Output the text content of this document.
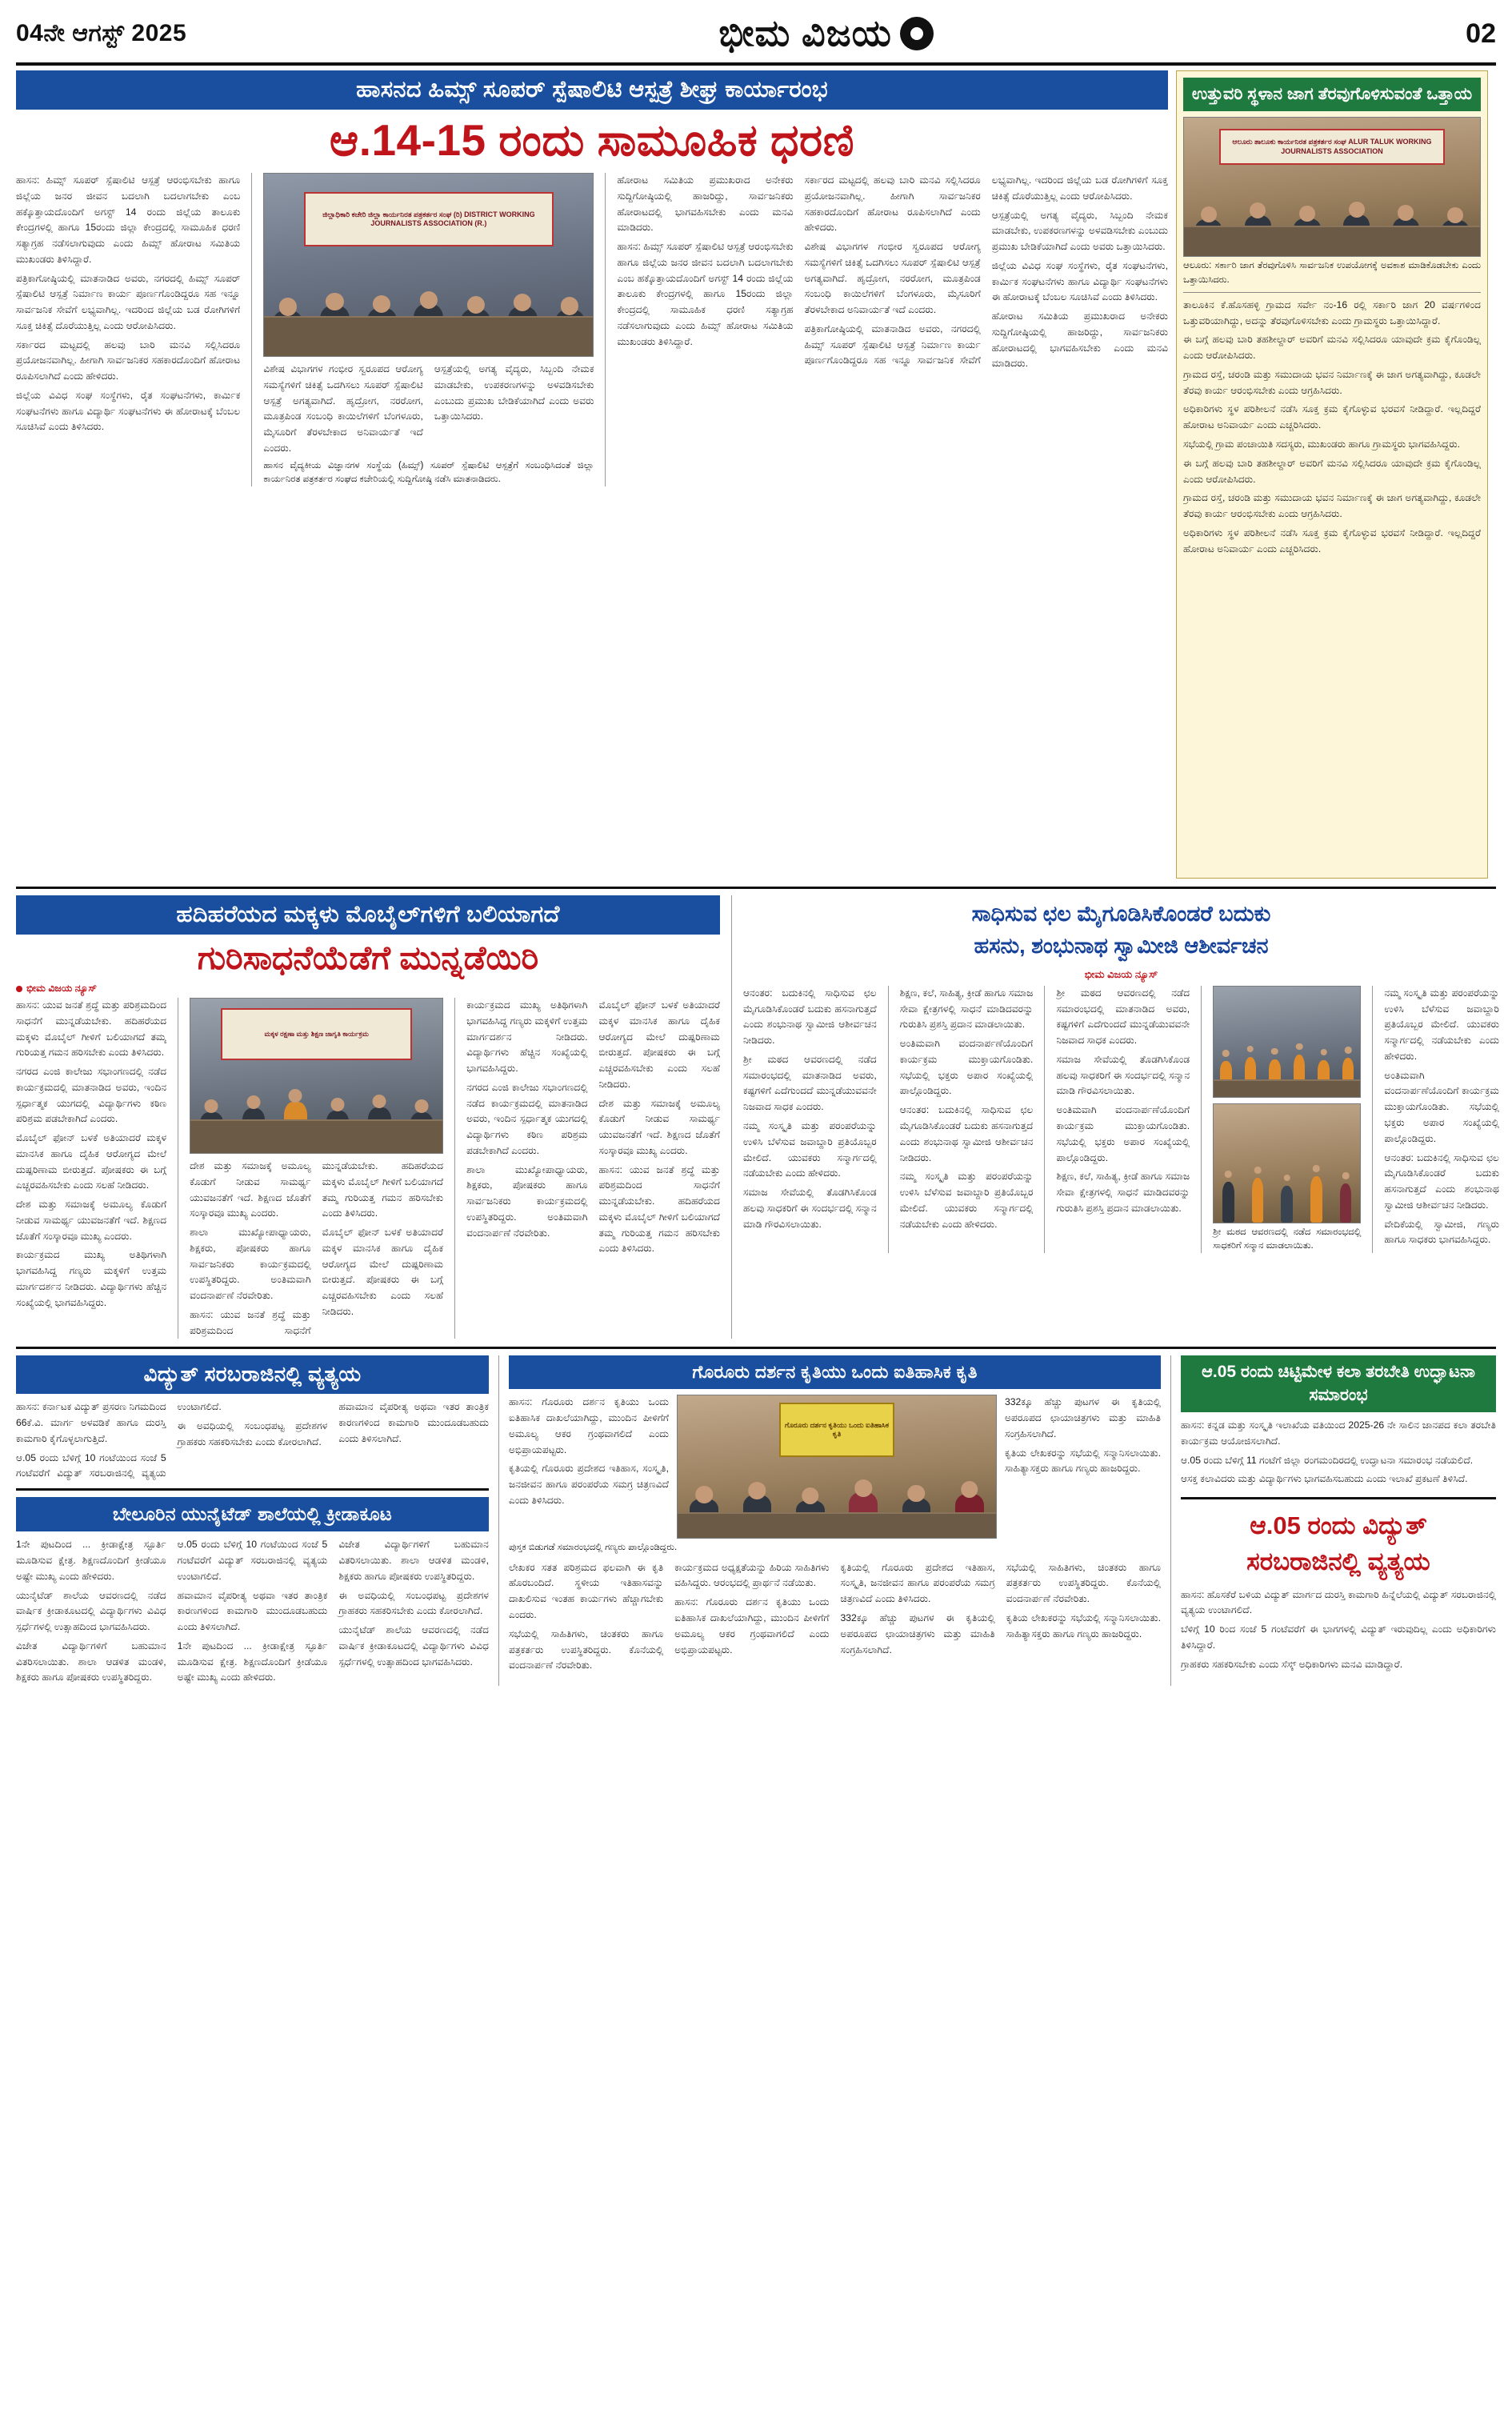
04ನೇ ಆಗಸ್ಟ್ 2025	ಭೀಮ ವಿಜಯ	02
ಹಾಸನದ ಹಿಮ್ಸ್ ಸೂಪರ್ ಸ್ಪೆಷಾಲಿಟಿ ಆಸ್ಪತ್ರೆ ಶೀಘ್ರ ಕಾರ್ಯಾರಂಭ
ಆ.14-15 ರಂದು ಸಾಮೂಹಿಕ ಧರಣಿ

ಹಾಸನ: ಹಿಮ್ಸ್ ಸೂಪರ್ ಸ್ಪೆಷಾಲಿಟಿ ಆಸ್ಪತ್ರೆ ಆರಂಭಿಸಬೇಕು ಹಾಗೂ ಜಿಲ್ಲೆಯ ಜನರ ಜೀವನ ಬದಲಾಗಿ ಬದಲಾಗಬೇಕು ಎಂಬ ಹಕ್ಕೊತ್ತಾಯದೊಂದಿಗೆ ಅಗಸ್ಟ್ 14 ರಂದು ಜಿಲ್ಲೆಯ ತಾಲೂಕು ಕೇಂದ್ರಗಳಲ್ಲಿ ಹಾಗೂ 15ರಂದು ಜಿಲ್ಲಾ ಕೇಂದ್ರದಲ್ಲಿ ಸಾಮೂಹಿಕ ಧರಣಿ ಸತ್ಯಾಗ್ರಹ ನಡೆಸಲಾಗುವುದು ಎಂದು ಹಿಮ್ಸ್ ಹೋರಾಟ ಸಮಿತಿಯ ಮುಖಂಡರು ತಿಳಿಸಿದ್ದಾರೆ.

ಪತ್ರಿಕಾಗೋಷ್ಠಿಯಲ್ಲಿ ಮಾತನಾಡಿದ ಅವರು, ನಗರದಲ್ಲಿ ಹಿಮ್ಸ್ ಸೂಪರ್ ಸ್ಪೆಷಾಲಿಟಿ ಆಸ್ಪತ್ರೆ ನಿರ್ಮಾಣ ಕಾರ್ಯ ಪೂರ್ಣಗೊಂಡಿದ್ದರೂ ಸಹ ಇನ್ನೂ ಸಾರ್ವಜನಿಕ ಸೇವೆಗೆ ಲಭ್ಯವಾಗಿಲ್ಲ. ಇದರಿಂದ ಜಿಲ್ಲೆಯ ಬಡ ರೋಗಿಗಳಿಗೆ ಸೂಕ್ತ ಚಿಕಿತ್ಸೆ ದೊರೆಯುತ್ತಿಲ್ಲ ಎಂದು ಆರೋಪಿಸಿದರು.

ಸರ್ಕಾರದ ಮಟ್ಟದಲ್ಲಿ ಹಲವು ಬಾರಿ ಮನವಿ ಸಲ್ಲಿಸಿದರೂ ಪ್ರಯೋಜನವಾಗಿಲ್ಲ. ಹೀಗಾಗಿ ಸಾರ್ವಜನಿಕರ ಸಹಕಾರದೊಂದಿಗೆ ಹೋರಾಟ ರೂಪಿಸಲಾಗಿದೆ ಎಂದು ಹೇಳಿದರು.

ಜಿಲ್ಲೆಯ ವಿವಿಧ ಸಂಘ ಸಂಸ್ಥೆಗಳು, ರೈತ ಸಂಘಟನೆಗಳು, ಕಾರ್ಮಿಕ ಸಂಘಟನೆಗಳು ಹಾಗೂ ವಿದ್ಯಾರ್ಥಿ ಸಂಘಟನೆಗಳು ಈ ಹೋರಾಟಕ್ಕೆ ಬೆಂಬಲ ಸೂಚಿಸಿವೆ ಎಂದು ತಿಳಿಸಿದರು.

ಜಿಲ್ಲಾಧಿಕಾರಿ ಕಚೇರಿ ಜಿಲ್ಲಾ ಕಾರ್ಯನಿರತ ಪತ್ರಕರ್ತರ ಸಂಘ (ರಿ) DISTRICT WORKING JOURNALISTS ASSOCIATION (R.)

ವಿಶೇಷ ವಿಭಾಗಗಳ ಗಂಭೀರ ಸ್ವರೂಪದ ಆರೋಗ್ಯ ಸಮಸ್ಯೆಗಳಿಗೆ ಚಿಕಿತ್ಸೆ ಒದಗಿಸಲು ಸೂಪರ್ ಸ್ಪೆಷಾಲಿಟಿ ಆಸ್ಪತ್ರೆ ಅಗತ್ಯವಾಗಿದೆ. ಹೃದ್ರೋಗ, ನರರೋಗ, ಮೂತ್ರಪಿಂಡ ಸಂಬಂಧಿ ಕಾಯಿಲೆಗಳಿಗೆ ಬೆಂಗಳೂರು, ಮೈಸೂರಿಗೆ ತೆರಳಬೇಕಾದ ಅನಿವಾರ್ಯತೆ ಇದೆ ಎಂದರು.

ಆಸ್ಪತ್ರೆಯಲ್ಲಿ ಅಗತ್ಯ ವೈದ್ಯರು, ಸಿಬ್ಬಂದಿ ನೇಮಕ ಮಾಡಬೇಕು, ಉಪಕರಣಗಳನ್ನು ಅಳವಡಿಸಬೇಕು ಎಂಬುದು ಪ್ರಮುಖ ಬೇಡಿಕೆಯಾಗಿದೆ ಎಂದು ಅವರು ಒತ್ತಾಯಿಸಿದರು.

ಹಾಸನ ವೈದ್ಯಕೀಯ ವಿಜ್ಞಾನಗಳ ಸಂಸ್ಥೆಯ (ಹಿಮ್ಸ್) ಸೂಪರ್ ಸ್ಪೆಷಾಲಿಟಿ ಆಸ್ಪತ್ರೆಗೆ ಸಂಬಂಧಿಸಿದಂತೆ ಜಿಲ್ಲಾ ಕಾರ್ಯನಿರತ ಪತ್ರಕರ್ತರ ಸಂಘದ ಕಚೇರಿಯಲ್ಲಿ ಸುದ್ದಿಗೋಷ್ಠಿ ನಡೆಸಿ ಮಾತನಾಡಿದರು.

ಹೋರಾಟ ಸಮಿತಿಯ ಪ್ರಮುಖರಾದ ಅನೇಕರು ಸುದ್ದಿಗೋಷ್ಠಿಯಲ್ಲಿ ಹಾಜರಿದ್ದು, ಸಾರ್ವಜನಿಕರು ಹೋರಾಟದಲ್ಲಿ ಭಾಗವಹಿಸಬೇಕು ಎಂದು ಮನವಿ ಮಾಡಿದರು.

ಹಾಸನ: ಹಿಮ್ಸ್ ಸೂಪರ್ ಸ್ಪೆಷಾಲಿಟಿ ಆಸ್ಪತ್ರೆ ಆರಂಭಿಸಬೇಕು ಹಾಗೂ ಜಿಲ್ಲೆಯ ಜನರ ಜೀವನ ಬದಲಾಗಿ ಬದಲಾಗಬೇಕು ಎಂಬ ಹಕ್ಕೊತ್ತಾಯದೊಂದಿಗೆ ಅಗಸ್ಟ್ 14 ರಂದು ಜಿಲ್ಲೆಯ ತಾಲೂಕು ಕೇಂದ್ರಗಳಲ್ಲಿ ಹಾಗೂ 15ರಂದು ಜಿಲ್ಲಾ ಕೇಂದ್ರದಲ್ಲಿ ಸಾಮೂಹಿಕ ಧರಣಿ ಸತ್ಯಾಗ್ರಹ ನಡೆಸಲಾಗುವುದು ಎಂದು ಹಿಮ್ಸ್ ಹೋರಾಟ ಸಮಿತಿಯ ಮುಖಂಡರು ತಿಳಿಸಿದ್ದಾರೆ.

ಸರ್ಕಾರದ ಮಟ್ಟದಲ್ಲಿ ಹಲವು ಬಾರಿ ಮನವಿ ಸಲ್ಲಿಸಿದರೂ ಪ್ರಯೋಜನವಾಗಿಲ್ಲ. ಹೀಗಾಗಿ ಸಾರ್ವಜನಿಕರ ಸಹಕಾರದೊಂದಿಗೆ ಹೋರಾಟ ರೂಪಿಸಲಾಗಿದೆ ಎಂದು ಹೇಳಿದರು.

ವಿಶೇಷ ವಿಭಾಗಗಳ ಗಂಭೀರ ಸ್ವರೂಪದ ಆರೋಗ್ಯ ಸಮಸ್ಯೆಗಳಿಗೆ ಚಿಕಿತ್ಸೆ ಒದಗಿಸಲು ಸೂಪರ್ ಸ್ಪೆಷಾಲಿಟಿ ಆಸ್ಪತ್ರೆ ಅಗತ್ಯವಾಗಿದೆ. ಹೃದ್ರೋಗ, ನರರೋಗ, ಮೂತ್ರಪಿಂಡ ಸಂಬಂಧಿ ಕಾಯಿಲೆಗಳಿಗೆ ಬೆಂಗಳೂರು, ಮೈಸೂರಿಗೆ ತೆರಳಬೇಕಾದ ಅನಿವಾರ್ಯತೆ ಇದೆ ಎಂದರು.

ಪತ್ರಿಕಾಗೋಷ್ಠಿಯಲ್ಲಿ ಮಾತನಾಡಿದ ಅವರು, ನಗರದಲ್ಲಿ ಹಿಮ್ಸ್ ಸೂಪರ್ ಸ್ಪೆಷಾಲಿಟಿ ಆಸ್ಪತ್ರೆ ನಿರ್ಮಾಣ ಕಾರ್ಯ ಪೂರ್ಣಗೊಂಡಿದ್ದರೂ ಸಹ ಇನ್ನೂ ಸಾರ್ವಜನಿಕ ಸೇವೆಗೆ ಲಭ್ಯವಾಗಿಲ್ಲ. ಇದರಿಂದ ಜಿಲ್ಲೆಯ ಬಡ ರೋಗಿಗಳಿಗೆ ಸೂಕ್ತ ಚಿಕಿತ್ಸೆ ದೊರೆಯುತ್ತಿಲ್ಲ ಎಂದು ಆರೋಪಿಸಿದರು.

ಆಸ್ಪತ್ರೆಯಲ್ಲಿ ಅಗತ್ಯ ವೈದ್ಯರು, ಸಿಬ್ಬಂದಿ ನೇಮಕ ಮಾಡಬೇಕು, ಉಪಕರಣಗಳನ್ನು ಅಳವಡಿಸಬೇಕು ಎಂಬುದು ಪ್ರಮುಖ ಬೇಡಿಕೆಯಾಗಿದೆ ಎಂದು ಅವರು ಒತ್ತಾಯಿಸಿದರು.

ಜಿಲ್ಲೆಯ ವಿವಿಧ ಸಂಘ ಸಂಸ್ಥೆಗಳು, ರೈತ ಸಂಘಟನೆಗಳು, ಕಾರ್ಮಿಕ ಸಂಘಟನೆಗಳು ಹಾಗೂ ವಿದ್ಯಾರ್ಥಿ ಸಂಘಟನೆಗಳು ಈ ಹೋರಾಟಕ್ಕೆ ಬೆಂಬಲ ಸೂಚಿಸಿವೆ ಎಂದು ತಿಳಿಸಿದರು.

ಹೋರಾಟ ಸಮಿತಿಯ ಪ್ರಮುಖರಾದ ಅನೇಕರು ಸುದ್ದಿಗೋಷ್ಠಿಯಲ್ಲಿ ಹಾಜರಿದ್ದು, ಸಾರ್ವಜನಿಕರು ಹೋರಾಟದಲ್ಲಿ ಭಾಗವಹಿಸಬೇಕು ಎಂದು ಮನವಿ ಮಾಡಿದರು.

ಉತ್ತುವರಿ ಸ್ಥಳಾನ ಜಾಗ ತೆರವುಗೊಳಿಸುವಂತೆ ಒತ್ತಾಯ
ಆಲೂರು ತಾಲೂಕು ಕಾರ್ಯನಿರತ ಪತ್ರಕರ್ತರ ಸಂಘ ALUR TALUK WORKING JOURNALISTS ASSOCIATION
ಆಲೂರು: ಸರ್ಕಾರಿ ಜಾಗ ತೆರವುಗೊಳಿಸಿ ಸಾರ್ವಜನಿಕ ಉಪಯೋಗಕ್ಕೆ ಅವಕಾಶ ಮಾಡಿಕೊಡಬೇಕು ಎಂದು ಒತ್ತಾಯಿಸಿದರು.

ತಾಲೂಕಿನ ಕೆ.ಹೊಸಹಳ್ಳಿ ಗ್ರಾಮದ ಸರ್ವೇ ನಂ-16 ರಲ್ಲಿ ಸರ್ಕಾರಿ ಜಾಗ 20 ವರ್ಷಗಳಿಂದ ಒತ್ತುವರಿಯಾಗಿದ್ದು, ಅದನ್ನು ತೆರವುಗೊಳಿಸಬೇಕು ಎಂದು ಗ್ರಾಮಸ್ಥರು ಒತ್ತಾಯಿಸಿದ್ದಾರೆ.

ಈ ಬಗ್ಗೆ ಹಲವು ಬಾರಿ ತಹಶೀಲ್ದಾರ್ ಅವರಿಗೆ ಮನವಿ ಸಲ್ಲಿಸಿದರೂ ಯಾವುದೇ ಕ್ರಮ ಕೈಗೊಂಡಿಲ್ಲ ಎಂದು ಆರೋಪಿಸಿದರು.

ಗ್ರಾಮದ ರಸ್ತೆ, ಚರಂಡಿ ಮತ್ತು ಸಮುದಾಯ ಭವನ ನಿರ್ಮಾಣಕ್ಕೆ ಈ ಜಾಗ ಅಗತ್ಯವಾಗಿದ್ದು, ಕೂಡಲೇ ತೆರವು ಕಾರ್ಯ ಆರಂಭಿಸಬೇಕು ಎಂದು ಆಗ್ರಹಿಸಿದರು.

ಅಧಿಕಾರಿಗಳು ಸ್ಥಳ ಪರಿಶೀಲನೆ ನಡೆಸಿ ಸೂಕ್ತ ಕ್ರಮ ಕೈಗೊಳ್ಳುವ ಭರವಸೆ ನೀಡಿದ್ದಾರೆ. ಇಲ್ಲದಿದ್ದರೆ ಹೋರಾಟ ಅನಿವಾರ್ಯ ಎಂದು ಎಚ್ಚರಿಸಿದರು.

ಸಭೆಯಲ್ಲಿ ಗ್ರಾಮ ಪಂಚಾಯಿತಿ ಸದಸ್ಯರು, ಮುಖಂಡರು ಹಾಗೂ ಗ್ರಾಮಸ್ಥರು ಭಾಗವಹಿಸಿದ್ದರು.

ಈ ಬಗ್ಗೆ ಹಲವು ಬಾರಿ ತಹಶೀಲ್ದಾರ್ ಅವರಿಗೆ ಮನವಿ ಸಲ್ಲಿಸಿದರೂ ಯಾವುದೇ ಕ್ರಮ ಕೈಗೊಂಡಿಲ್ಲ ಎಂದು ಆರೋಪಿಸಿದರು.

ಗ್ರಾಮದ ರಸ್ತೆ, ಚರಂಡಿ ಮತ್ತು ಸಮುದಾಯ ಭವನ ನಿರ್ಮಾಣಕ್ಕೆ ಈ ಜಾಗ ಅಗತ್ಯವಾಗಿದ್ದು, ಕೂಡಲೇ ತೆರವು ಕಾರ್ಯ ಆರಂಭಿಸಬೇಕು ಎಂದು ಆಗ್ರಹಿಸಿದರು.

ಅಧಿಕಾರಿಗಳು ಸ್ಥಳ ಪರಿಶೀಲನೆ ನಡೆಸಿ ಸೂಕ್ತ ಕ್ರಮ ಕೈಗೊಳ್ಳುವ ಭರವಸೆ ನೀಡಿದ್ದಾರೆ. ಇಲ್ಲದಿದ್ದರೆ ಹೋರಾಟ ಅನಿವಾರ್ಯ ಎಂದು ಎಚ್ಚರಿಸಿದರು.

ಹದಿಹರೆಯದ ಮಕ್ಕಳು ಮೊಬೈಲ್‌ಗಳಿಗೆ ಬಲಿಯಾಗದೆ
ಗುರಿಸಾಧನೆಯೆಡೆಗೆ ಮುನ್ನಡೆಯಿರಿ
ಭೀಮ ವಿಜಯ ನ್ಯೂಸ್

ಹಾಸನ: ಯುವ ಜನತೆ ಶ್ರದ್ಧೆ ಮತ್ತು ಪರಿಶ್ರಮದಿಂದ ಸಾಧನೆಗೆ ಮುನ್ನಡೆಯಬೇಕು. ಹದಿಹರೆಯದ ಮಕ್ಕಳು ಮೊಬೈಲ್ ಗೀಳಿಗೆ ಬಲಿಯಾಗದೆ ತಮ್ಮ ಗುರಿಯತ್ತ ಗಮನ ಹರಿಸಬೇಕು ಎಂದು ತಿಳಿಸಿದರು.

ನಗರದ ಎಂಜಿ ಕಾಲೇಜು ಸಭಾಂಗಣದಲ್ಲಿ ನಡೆದ ಕಾರ್ಯಕ್ರಮದಲ್ಲಿ ಮಾತನಾಡಿದ ಅವರು, ಇಂದಿನ ಸ್ಪರ್ಧಾತ್ಮಕ ಯುಗದಲ್ಲಿ ವಿದ್ಯಾರ್ಥಿಗಳು ಕಠಿಣ ಪರಿಶ್ರಮ ಪಡಬೇಕಾಗಿದೆ ಎಂದರು.

ಮೊಬೈಲ್ ಫೋನ್ ಬಳಕೆ ಅತಿಯಾದರೆ ಮಕ್ಕಳ ಮಾನಸಿಕ ಹಾಗೂ ದೈಹಿಕ ಆರೋಗ್ಯದ ಮೇಲೆ ದುಷ್ಪರಿಣಾಮ ಬೀರುತ್ತದೆ. ಪೋಷಕರು ಈ ಬಗ್ಗೆ ಎಚ್ಚರವಹಿಸಬೇಕು ಎಂದು ಸಲಹೆ ನೀಡಿದರು.

ದೇಶ ಮತ್ತು ಸಮಾಜಕ್ಕೆ ಅಮೂಲ್ಯ ಕೊಡುಗೆ ನೀಡುವ ಸಾಮರ್ಥ್ಯ ಯುವಜನತೆಗೆ ಇದೆ. ಶಿಕ್ಷಣದ ಜೊತೆಗೆ ಸಂಸ್ಕಾರವೂ ಮುಖ್ಯ ಎಂದರು.

ಕಾರ್ಯಕ್ರಮದ ಮುಖ್ಯ ಅತಿಥಿಗಳಾಗಿ ಭಾಗವಹಿಸಿದ್ದ ಗಣ್ಯರು ಮಕ್ಕಳಿಗೆ ಉತ್ತಮ ಮಾರ್ಗದರ್ಶನ ನೀಡಿದರು. ವಿದ್ಯಾರ್ಥಿಗಳು ಹೆಚ್ಚಿನ ಸಂಖ್ಯೆಯಲ್ಲಿ ಭಾಗವಹಿಸಿದ್ದರು.

ಮಕ್ಕಳ ರಕ್ಷಣಾ ಮತ್ತು ಶಿಕ್ಷಣ ಜಾಗೃತಿ ಕಾರ್ಯಕ್ರಮ

ದೇಶ ಮತ್ತು ಸಮಾಜಕ್ಕೆ ಅಮೂಲ್ಯ ಕೊಡುಗೆ ನೀಡುವ ಸಾಮರ್ಥ್ಯ ಯುವಜನತೆಗೆ ಇದೆ. ಶಿಕ್ಷಣದ ಜೊತೆಗೆ ಸಂಸ್ಕಾರವೂ ಮುಖ್ಯ ಎಂದರು.

ಶಾಲಾ ಮುಖ್ಯೋಪಾಧ್ಯಾಯರು, ಶಿಕ್ಷಕರು, ಪೋಷಕರು ಹಾಗೂ ಸಾರ್ವಜನಿಕರು ಕಾರ್ಯಕ್ರಮದಲ್ಲಿ ಉಪಸ್ಥಿತರಿದ್ದರು. ಅಂತಿಮವಾಗಿ ವಂದನಾರ್ಪಣೆ ನೆರವೇರಿತು.

ಹಾಸನ: ಯುವ ಜನತೆ ಶ್ರದ್ಧೆ ಮತ್ತು ಪರಿಶ್ರಮದಿಂದ ಸಾಧನೆಗೆ ಮುನ್ನಡೆಯಬೇಕು. ಹದಿಹರೆಯದ ಮಕ್ಕಳು ಮೊಬೈಲ್ ಗೀಳಿಗೆ ಬಲಿಯಾಗದೆ ತಮ್ಮ ಗುರಿಯತ್ತ ಗಮನ ಹರಿಸಬೇಕು ಎಂದು ತಿಳಿಸಿದರು.

ಮೊಬೈಲ್ ಫೋನ್ ಬಳಕೆ ಅತಿಯಾದರೆ ಮಕ್ಕಳ ಮಾನಸಿಕ ಹಾಗೂ ದೈಹಿಕ ಆರೋಗ್ಯದ ಮೇಲೆ ದುಷ್ಪರಿಣಾಮ ಬೀರುತ್ತದೆ. ಪೋಷಕರು ಈ ಬಗ್ಗೆ ಎಚ್ಚರವಹಿಸಬೇಕು ಎಂದು ಸಲಹೆ ನೀಡಿದರು.

ಕಾರ್ಯಕ್ರಮದ ಮುಖ್ಯ ಅತಿಥಿಗಳಾಗಿ ಭಾಗವಹಿಸಿದ್ದ ಗಣ್ಯರು ಮಕ್ಕಳಿಗೆ ಉತ್ತಮ ಮಾರ್ಗದರ್ಶನ ನೀಡಿದರು. ವಿದ್ಯಾರ್ಥಿಗಳು ಹೆಚ್ಚಿನ ಸಂಖ್ಯೆಯಲ್ಲಿ ಭಾಗವಹಿಸಿದ್ದರು.

ನಗರದ ಎಂಜಿ ಕಾಲೇಜು ಸಭಾಂಗಣದಲ್ಲಿ ನಡೆದ ಕಾರ್ಯಕ್ರಮದಲ್ಲಿ ಮಾತನಾಡಿದ ಅವರು, ಇಂದಿನ ಸ್ಪರ್ಧಾತ್ಮಕ ಯುಗದಲ್ಲಿ ವಿದ್ಯಾರ್ಥಿಗಳು ಕಠಿಣ ಪರಿಶ್ರಮ ಪಡಬೇಕಾಗಿದೆ ಎಂದರು.

ಶಾಲಾ ಮುಖ್ಯೋಪಾಧ್ಯಾಯರು, ಶಿಕ್ಷಕರು, ಪೋಷಕರು ಹಾಗೂ ಸಾರ್ವಜನಿಕರು ಕಾರ್ಯಕ್ರಮದಲ್ಲಿ ಉಪಸ್ಥಿತರಿದ್ದರು. ಅಂತಿಮವಾಗಿ ವಂದನಾರ್ಪಣೆ ನೆರವೇರಿತು.

ಮೊಬೈಲ್ ಫೋನ್ ಬಳಕೆ ಅತಿಯಾದರೆ ಮಕ್ಕಳ ಮಾನಸಿಕ ಹಾಗೂ ದೈಹಿಕ ಆರೋಗ್ಯದ ಮೇಲೆ ದುಷ್ಪರಿಣಾಮ ಬೀರುತ್ತದೆ. ಪೋಷಕರು ಈ ಬಗ್ಗೆ ಎಚ್ಚರವಹಿಸಬೇಕು ಎಂದು ಸಲಹೆ ನೀಡಿದರು.

ದೇಶ ಮತ್ತು ಸಮಾಜಕ್ಕೆ ಅಮೂಲ್ಯ ಕೊಡುಗೆ ನೀಡುವ ಸಾಮರ್ಥ್ಯ ಯುವಜನತೆಗೆ ಇದೆ. ಶಿಕ್ಷಣದ ಜೊತೆಗೆ ಸಂಸ್ಕಾರವೂ ಮುಖ್ಯ ಎಂದರು.

ಹಾಸನ: ಯುವ ಜನತೆ ಶ್ರದ್ಧೆ ಮತ್ತು ಪರಿಶ್ರಮದಿಂದ ಸಾಧನೆಗೆ ಮುನ್ನಡೆಯಬೇಕು. ಹದಿಹರೆಯದ ಮಕ್ಕಳು ಮೊಬೈಲ್ ಗೀಳಿಗೆ ಬಲಿಯಾಗದೆ ತಮ್ಮ ಗುರಿಯತ್ತ ಗಮನ ಹರಿಸಬೇಕು ಎಂದು ತಿಳಿಸಿದರು.

ಸಾಧಿಸುವ ಛಲ ಮೈಗೂಡಿಸಿಕೊಂಡರೆ ಬದುಕು
ಹಸನು, ಶಂಭುನಾಥ ಸ್ವಾಮೀಜಿ ಆಶೀರ್ವಚನ
ಭೀಮ ವಿಜಯ ನ್ಯೂಸ್

ಆನಂತರ: ಬದುಕಿನಲ್ಲಿ ಸಾಧಿಸುವ ಛಲ ಮೈಗೂಡಿಸಿಕೊಂಡರೆ ಬದುಕು ಹಸನಾಗುತ್ತದೆ ಎಂದು ಶಂಭುನಾಥ ಸ್ವಾಮೀಜಿ ಆಶೀರ್ವಚನ ನೀಡಿದರು.

ಶ್ರೀ ಮಠದ ಆವರಣದಲ್ಲಿ ನಡೆದ ಸಮಾರಂಭದಲ್ಲಿ ಮಾತನಾಡಿದ ಅವರು, ಕಷ್ಟಗಳಿಗೆ ಎದೆಗುಂದದೆ ಮುನ್ನಡೆಯುವವನೇ ನಿಜವಾದ ಸಾಧಕ ಎಂದರು.

ನಮ್ಮ ಸಂಸ್ಕೃತಿ ಮತ್ತು ಪರಂಪರೆಯನ್ನು ಉಳಿಸಿ ಬೆಳೆಸುವ ಜವಾಬ್ದಾರಿ ಪ್ರತಿಯೊಬ್ಬರ ಮೇಲಿದೆ. ಯುವಕರು ಸನ್ಮಾರ್ಗದಲ್ಲಿ ನಡೆಯಬೇಕು ಎಂದು ಹೇಳಿದರು.

ಸಮಾಜ ಸೇವೆಯಲ್ಲಿ ತೊಡಗಿಸಿಕೊಂಡ ಹಲವು ಸಾಧಕರಿಗೆ ಈ ಸಂದರ್ಭದಲ್ಲಿ ಸನ್ಮಾನ ಮಾಡಿ ಗೌರವಿಸಲಾಯಿತು.

ಶಿಕ್ಷಣ, ಕಲೆ, ಸಾಹಿತ್ಯ, ಕ್ರೀಡೆ ಹಾಗೂ ಸಮಾಜ ಸೇವಾ ಕ್ಷೇತ್ರಗಳಲ್ಲಿ ಸಾಧನೆ ಮಾಡಿದವರನ್ನು ಗುರುತಿಸಿ ಪ್ರಶಸ್ತಿ ಪ್ರದಾನ ಮಾಡಲಾಯಿತು.

ಅಂತಿಮವಾಗಿ ವಂದನಾರ್ಪಣೆಯೊಂದಿಗೆ ಕಾರ್ಯಕ್ರಮ ಮುಕ್ತಾಯಗೊಂಡಿತು. ಸಭೆಯಲ್ಲಿ ಭಕ್ತರು ಅಪಾರ ಸಂಖ್ಯೆಯಲ್ಲಿ ಪಾಲ್ಗೊಂಡಿದ್ದರು.

ಆನಂತರ: ಬದುಕಿನಲ್ಲಿ ಸಾಧಿಸುವ ಛಲ ಮೈಗೂಡಿಸಿಕೊಂಡರೆ ಬದುಕು ಹಸನಾಗುತ್ತದೆ ಎಂದು ಶಂಭುನಾಥ ಸ್ವಾಮೀಜಿ ಆಶೀರ್ವಚನ ನೀಡಿದರು.

ನಮ್ಮ ಸಂಸ್ಕೃತಿ ಮತ್ತು ಪರಂಪರೆಯನ್ನು ಉಳಿಸಿ ಬೆಳೆಸುವ ಜವಾಬ್ದಾರಿ ಪ್ರತಿಯೊಬ್ಬರ ಮೇಲಿದೆ. ಯುವಕರು ಸನ್ಮಾರ್ಗದಲ್ಲಿ ನಡೆಯಬೇಕು ಎಂದು ಹೇಳಿದರು.

ಶ್ರೀ ಮಠದ ಆವರಣದಲ್ಲಿ ನಡೆದ ಸಮಾರಂಭದಲ್ಲಿ ಮಾತನಾಡಿದ ಅವರು, ಕಷ್ಟಗಳಿಗೆ ಎದೆಗುಂದದೆ ಮುನ್ನಡೆಯುವವನೇ ನಿಜವಾದ ಸಾಧಕ ಎಂದರು.

ಸಮಾಜ ಸೇವೆಯಲ್ಲಿ ತೊಡಗಿಸಿಕೊಂಡ ಹಲವು ಸಾಧಕರಿಗೆ ಈ ಸಂದರ್ಭದಲ್ಲಿ ಸನ್ಮಾನ ಮಾಡಿ ಗೌರವಿಸಲಾಯಿತು.

ಅಂತಿಮವಾಗಿ ವಂದನಾರ್ಪಣೆಯೊಂದಿಗೆ ಕಾರ್ಯಕ್ರಮ ಮುಕ್ತಾಯಗೊಂಡಿತು. ಸಭೆಯಲ್ಲಿ ಭಕ್ತರು ಅಪಾರ ಸಂಖ್ಯೆಯಲ್ಲಿ ಪಾಲ್ಗೊಂಡಿದ್ದರು.

ಶಿಕ್ಷಣ, ಕಲೆ, ಸಾಹಿತ್ಯ, ಕ್ರೀಡೆ ಹಾಗೂ ಸಮಾಜ ಸೇವಾ ಕ್ಷೇತ್ರಗಳಲ್ಲಿ ಸಾಧನೆ ಮಾಡಿದವರನ್ನು ಗುರುತಿಸಿ ಪ್ರಶಸ್ತಿ ಪ್ರದಾನ ಮಾಡಲಾಯಿತು.

ಶ್ರೀ ಮಠದ ಆವರಣದಲ್ಲಿ ನಡೆದ ಸಮಾರಂಭದಲ್ಲಿ ಸಾಧಕರಿಗೆ ಸನ್ಮಾನ ಮಾಡಲಾಯಿತು.

ನಮ್ಮ ಸಂಸ್ಕೃತಿ ಮತ್ತು ಪರಂಪರೆಯನ್ನು ಉಳಿಸಿ ಬೆಳೆಸುವ ಜವಾಬ್ದಾರಿ ಪ್ರತಿಯೊಬ್ಬರ ಮೇಲಿದೆ. ಯುವಕರು ಸನ್ಮಾರ್ಗದಲ್ಲಿ ನಡೆಯಬೇಕು ಎಂದು ಹೇಳಿದರು.

ಅಂತಿಮವಾಗಿ ವಂದನಾರ್ಪಣೆಯೊಂದಿಗೆ ಕಾರ್ಯಕ್ರಮ ಮುಕ್ತಾಯಗೊಂಡಿತು. ಸಭೆಯಲ್ಲಿ ಭಕ್ತರು ಅಪಾರ ಸಂಖ್ಯೆಯಲ್ಲಿ ಪಾಲ್ಗೊಂಡಿದ್ದರು.

ಆನಂತರ: ಬದುಕಿನಲ್ಲಿ ಸಾಧಿಸುವ ಛಲ ಮೈಗೂಡಿಸಿಕೊಂಡರೆ ಬದುಕು ಹಸನಾಗುತ್ತದೆ ಎಂದು ಶಂಭುನಾಥ ಸ್ವಾಮೀಜಿ ಆಶೀರ್ವಚನ ನೀಡಿದರು.

ವೇದಿಕೆಯಲ್ಲಿ ಸ್ವಾಮೀಜಿ, ಗಣ್ಯರು ಹಾಗೂ ಸಾಧಕರು ಭಾಗವಹಿಸಿದ್ದರು.

ವಿದ್ಯುತ್ ಸರಬರಾಜಿನಲ್ಲಿ ವ್ಯತ್ಯಯ

ಹಾಸನ: ಕರ್ನಾಟಕ ವಿದ್ಯುತ್ ಪ್ರಸರಣ ನಿಗಮದಿಂದ 66ಕೆ.ವಿ. ಮಾರ್ಗ ಅಳವಡಿಕೆ ಹಾಗೂ ದುರಸ್ತಿ ಕಾಮಗಾರಿ ಕೈಗೊಳ್ಳಲಾಗುತ್ತಿದೆ.

ಆ.05 ರಂದು ಬೆಳಿಗ್ಗೆ 10 ಗಂಟೆಯಿಂದ ಸಂಜೆ 5 ಗಂಟೆವರೆಗೆ ವಿದ್ಯುತ್ ಸರಬರಾಜಿನಲ್ಲಿ ವ್ಯತ್ಯಯ ಉಂಟಾಗಲಿದೆ.

ಈ ಅವಧಿಯಲ್ಲಿ ಸಂಬಂಧಪಟ್ಟ ಪ್ರದೇಶಗಳ ಗ್ರಾಹಕರು ಸಹಕರಿಸಬೇಕು ಎಂದು ಕೋರಲಾಗಿದೆ.

ಹವಾಮಾನ ವೈಪರೀತ್ಯ ಅಥವಾ ಇತರ ತಾಂತ್ರಿಕ ಕಾರಣಗಳಿಂದ ಕಾಮಗಾರಿ ಮುಂದೂಡಬಹುದು ಎಂದು ತಿಳಿಸಲಾಗಿದೆ.

ಬೇಲೂರಿನ ಯುನೈಟೆಡ್ ಶಾಲೆಯಲ್ಲಿ ಕ್ರೀಡಾಕೂಟ

1ನೇ ಪುಟದಿಂದ ... ಕ್ರೀಡಾಕ್ಷೇತ್ರ ಸ್ಫೂರ್ತಿ ಮೂಡಿಸುವ ಕ್ಷೇತ್ರ. ಶಿಕ್ಷಣದೊಂದಿಗೆ ಕ್ರೀಡೆಯೂ ಅಷ್ಟೇ ಮುಖ್ಯ ಎಂದು ಹೇಳಿದರು.

ಯುನೈಟೆಡ್ ಶಾಲೆಯ ಆವರಣದಲ್ಲಿ ನಡೆದ ವಾರ್ಷಿಕ ಕ್ರೀಡಾಕೂಟದಲ್ಲಿ ವಿದ್ಯಾರ್ಥಿಗಳು ವಿವಿಧ ಸ್ಪರ್ಧೆಗಳಲ್ಲಿ ಉತ್ಸಾಹದಿಂದ ಭಾಗವಹಿಸಿದರು.

ವಿಜೇತ ವಿದ್ಯಾರ್ಥಿಗಳಿಗೆ ಬಹುಮಾನ ವಿತರಿಸಲಾಯಿತು. ಶಾಲಾ ಆಡಳಿತ ಮಂಡಳಿ, ಶಿಕ್ಷಕರು ಹಾಗೂ ಪೋಷಕರು ಉಪಸ್ಥಿತರಿದ್ದರು.

ಆ.05 ರಂದು ಬೆಳಿಗ್ಗೆ 10 ಗಂಟೆಯಿಂದ ಸಂಜೆ 5 ಗಂಟೆವರೆಗೆ ವಿದ್ಯುತ್ ಸರಬರಾಜಿನಲ್ಲಿ ವ್ಯತ್ಯಯ ಉಂಟಾಗಲಿದೆ.

ಹವಾಮಾನ ವೈಪರೀತ್ಯ ಅಥವಾ ಇತರ ತಾಂತ್ರಿಕ ಕಾರಣಗಳಿಂದ ಕಾಮಗಾರಿ ಮುಂದೂಡಬಹುದು ಎಂದು ತಿಳಿಸಲಾಗಿದೆ.

1ನೇ ಪುಟದಿಂದ ... ಕ್ರೀಡಾಕ್ಷೇತ್ರ ಸ್ಫೂರ್ತಿ ಮೂಡಿಸುವ ಕ್ಷೇತ್ರ. ಶಿಕ್ಷಣದೊಂದಿಗೆ ಕ್ರೀಡೆಯೂ ಅಷ್ಟೇ ಮುಖ್ಯ ಎಂದು ಹೇಳಿದರು.

ವಿಜೇತ ವಿದ್ಯಾರ್ಥಿಗಳಿಗೆ ಬಹುಮಾನ ವಿತರಿಸಲಾಯಿತು. ಶಾಲಾ ಆಡಳಿತ ಮಂಡಳಿ, ಶಿಕ್ಷಕರು ಹಾಗೂ ಪೋಷಕರು ಉಪಸ್ಥಿತರಿದ್ದರು.

ಈ ಅವಧಿಯಲ್ಲಿ ಸಂಬಂಧಪಟ್ಟ ಪ್ರದೇಶಗಳ ಗ್ರಾಹಕರು ಸಹಕರಿಸಬೇಕು ಎಂದು ಕೋರಲಾಗಿದೆ.

ಯುನೈಟೆಡ್ ಶಾಲೆಯ ಆವರಣದಲ್ಲಿ ನಡೆದ ವಾರ್ಷಿಕ ಕ್ರೀಡಾಕೂಟದಲ್ಲಿ ವಿದ್ಯಾರ್ಥಿಗಳು ವಿವಿಧ ಸ್ಪರ್ಧೆಗಳಲ್ಲಿ ಉತ್ಸಾಹದಿಂದ ಭಾಗವಹಿಸಿದರು.

ಗೊರೂರು ದರ್ಶನ ಕೃತಿಯು ಒಂದು ಐತಿಹಾಸಿಕ ಕೃತಿ

ಹಾಸನ: ಗೊರೂರು ದರ್ಶನ ಕೃತಿಯು ಒಂದು ಐತಿಹಾಸಿಕ ದಾಖಲೆಯಾಗಿದ್ದು, ಮುಂದಿನ ಪೀಳಿಗೆಗೆ ಅಮೂಲ್ಯ ಆಕರ ಗ್ರಂಥವಾಗಲಿದೆ ಎಂದು ಅಭಿಪ್ರಾಯಪಟ್ಟರು.

ಕೃತಿಯಲ್ಲಿ ಗೊರೂರು ಪ್ರದೇಶದ ಇತಿಹಾಸ, ಸಂಸ್ಕೃತಿ, ಜನಜೀವನ ಹಾಗೂ ಪರಂಪರೆಯ ಸಮಗ್ರ ಚಿತ್ರಣವಿದೆ ಎಂದು ತಿಳಿಸಿದರು.

ಗೊರೂರು ದರ್ಶನ ಕೃತಿಯು ಒಂದು ಐತಿಹಾಸಿಕ ಕೃತಿ

332ಕ್ಕೂ ಹೆಚ್ಚು ಪುಟಗಳ ಈ ಕೃತಿಯಲ್ಲಿ ಅಪರೂಪದ ಛಾಯಾಚಿತ್ರಗಳು ಮತ್ತು ಮಾಹಿತಿ ಸಂಗ್ರಹಿಸಲಾಗಿದೆ.

ಕೃತಿಯ ಲೇಖಕರನ್ನು ಸಭೆಯಲ್ಲಿ ಸನ್ಮಾನಿಸಲಾಯಿತು. ಸಾಹಿತ್ಯಾಸಕ್ತರು ಹಾಗೂ ಗಣ್ಯರು ಹಾಜರಿದ್ದರು.

ಪುಸ್ತಕ ಬಿಡುಗಡೆ ಸಮಾರಂಭದಲ್ಲಿ ಗಣ್ಯರು ಪಾಲ್ಗೊಂಡಿದ್ದರು.

ಲೇಖಕರ ಸತತ ಪರಿಶ್ರಮದ ಫಲವಾಗಿ ಈ ಕೃತಿ ಹೊರಬಂದಿದೆ. ಸ್ಥಳೀಯ ಇತಿಹಾಸವನ್ನು ದಾಖಲಿಸುವ ಇಂತಹ ಕಾರ್ಯಗಳು ಹೆಚ್ಚಾಗಬೇಕು ಎಂದರು.

ಸಭೆಯಲ್ಲಿ ಸಾಹಿತಿಗಳು, ಚಿಂತಕರು ಹಾಗೂ ಪತ್ರಕರ್ತರು ಉಪಸ್ಥಿತರಿದ್ದರು. ಕೊನೆಯಲ್ಲಿ ವಂದನಾರ್ಪಣೆ ನೆರವೇರಿತು.

ಕಾರ್ಯಕ್ರಮದ ಅಧ್ಯಕ್ಷತೆಯನ್ನು ಹಿರಿಯ ಸಾಹಿತಿಗಳು ವಹಿಸಿದ್ದರು. ಆರಂಭದಲ್ಲಿ ಪ್ರಾರ್ಥನೆ ನಡೆಯಿತು.

ಹಾಸನ: ಗೊರೂರು ದರ್ಶನ ಕೃತಿಯು ಒಂದು ಐತಿಹಾಸಿಕ ದಾಖಲೆಯಾಗಿದ್ದು, ಮುಂದಿನ ಪೀಳಿಗೆಗೆ ಅಮೂಲ್ಯ ಆಕರ ಗ್ರಂಥವಾಗಲಿದೆ ಎಂದು ಅಭಿಪ್ರಾಯಪಟ್ಟರು.

ಕೃತಿಯಲ್ಲಿ ಗೊರೂರು ಪ್ರದೇಶದ ಇತಿಹಾಸ, ಸಂಸ್ಕೃತಿ, ಜನಜೀವನ ಹಾಗೂ ಪರಂಪರೆಯ ಸಮಗ್ರ ಚಿತ್ರಣವಿದೆ ಎಂದು ತಿಳಿಸಿದರು.

332ಕ್ಕೂ ಹೆಚ್ಚು ಪುಟಗಳ ಈ ಕೃತಿಯಲ್ಲಿ ಅಪರೂಪದ ಛಾಯಾಚಿತ್ರಗಳು ಮತ್ತು ಮಾಹಿತಿ ಸಂಗ್ರಹಿಸಲಾಗಿದೆ.

ಸಭೆಯಲ್ಲಿ ಸಾಹಿತಿಗಳು, ಚಿಂತಕರು ಹಾಗೂ ಪತ್ರಕರ್ತರು ಉಪಸ್ಥಿತರಿದ್ದರು. ಕೊನೆಯಲ್ಲಿ ವಂದನಾರ್ಪಣೆ ನೆರವೇರಿತು.

ಕೃತಿಯ ಲೇಖಕರನ್ನು ಸಭೆಯಲ್ಲಿ ಸನ್ಮಾನಿಸಲಾಯಿತು. ಸಾಹಿತ್ಯಾಸಕ್ತರು ಹಾಗೂ ಗಣ್ಯರು ಹಾಜರಿದ್ದರು.

ಆ.05 ರಂದು ಚಿಟ್ಟಿಮೇಳ ಕಲಾ ತರಬೇತಿ ಉದ್ಘಾಟನಾ ಸಮಾರಂಭ

ಹಾಸನ: ಕನ್ನಡ ಮತ್ತು ಸಂಸ್ಕೃತಿ ಇಲಾಖೆಯ ವತಿಯಿಂದ 2025-26 ನೇ ಸಾಲಿನ ಜಾನಪದ ಕಲಾ ತರಬೇತಿ ಕಾರ್ಯಕ್ರಮ ಆಯೋಜಿಸಲಾಗಿದೆ.

ಆ.05 ರಂದು ಬೆಳಿಗ್ಗೆ 11 ಗಂಟೆಗೆ ಜಿಲ್ಲಾ ರಂಗಮಂದಿರದಲ್ಲಿ ಉದ್ಘಾಟನಾ ಸಮಾರಂಭ ನಡೆಯಲಿದೆ.

ಆಸಕ್ತ ಕಲಾವಿದರು ಮತ್ತು ವಿದ್ಯಾರ್ಥಿಗಳು ಭಾಗವಹಿಸಬಹುದು ಎಂದು ಇಲಾಖೆ ಪ್ರಕಟಣೆ ತಿಳಿಸಿದೆ.

ಆ.05 ರಂದು ವಿದ್ಯುತ್
ಸರಬರಾಜಿನಲ್ಲಿ ವ್ಯತ್ಯಯ

ಹಾಸನ: ಹೊಸಕೆರೆ ಬಳಿಯ ವಿದ್ಯುತ್ ಮಾರ್ಗದ ದುರಸ್ತಿ ಕಾಮಗಾರಿ ಹಿನ್ನೆಲೆಯಲ್ಲಿ ವಿದ್ಯುತ್ ಸರಬರಾಜಿನಲ್ಲಿ ವ್ಯತ್ಯಯ ಉಂಟಾಗಲಿದೆ.

ಬೆಳಿಗ್ಗೆ 10 ರಿಂದ ಸಂಜೆ 5 ಗಂಟೆವರೆಗೆ ಈ ಭಾಗಗಳಲ್ಲಿ ವಿದ್ಯುತ್ ಇರುವುದಿಲ್ಲ ಎಂದು ಅಧಿಕಾರಿಗಳು ತಿಳಿಸಿದ್ದಾರೆ.

ಗ್ರಾಹಕರು ಸಹಕರಿಸಬೇಕು ಎಂದು ಸೆಸ್ಕ್ ಅಧಿಕಾರಿಗಳು ಮನವಿ ಮಾಡಿದ್ದಾರೆ.
